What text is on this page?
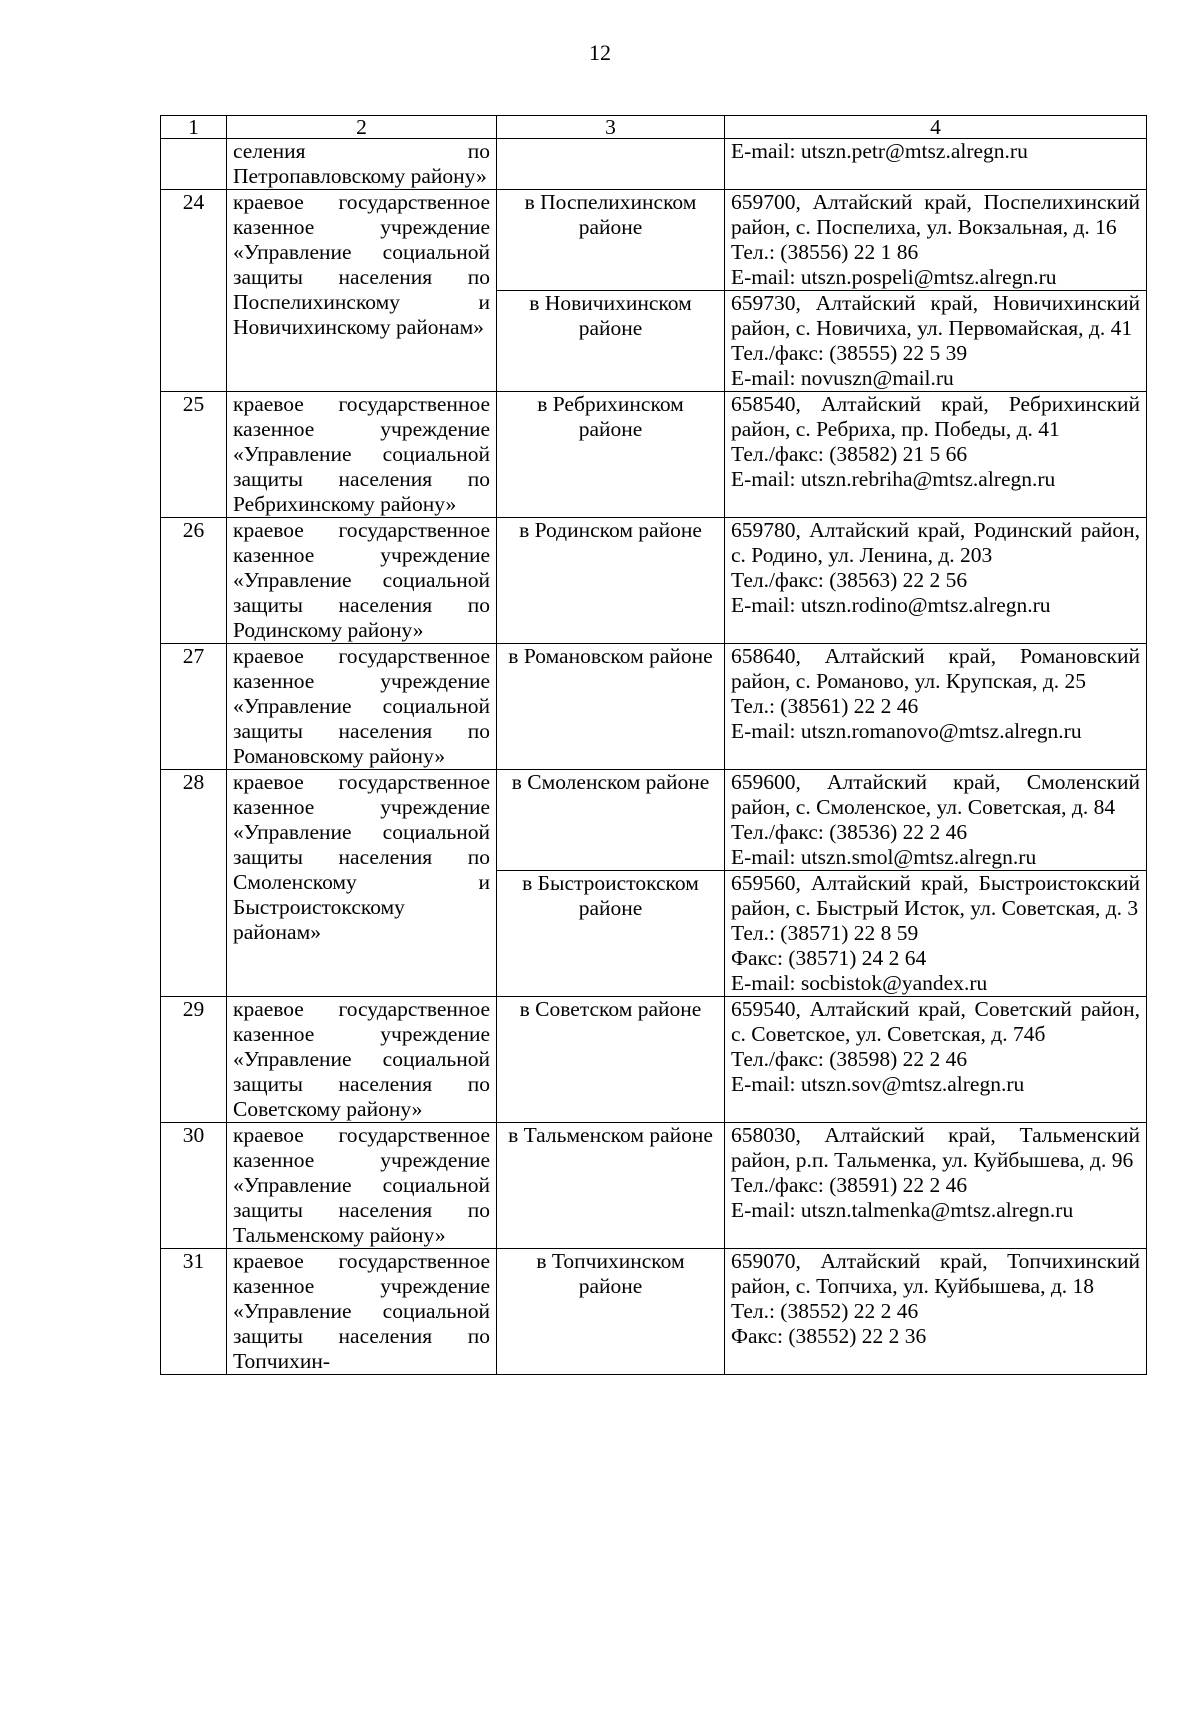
12
1	2	3	4
	селения по Петропавловскому району»		E-mail: utszn.petr@mtsz.alregn.ru

24	краевое государственное казенное учреждение «Управление социальной защиты населения по Поспелихинскому и Новичихинскому районам»	в Поспелихинском районе	659700, Алтайский край, Поспелихинский район, с. Поспелиха, ул. Вокзальная, д. 16
Тел.: (38556) 22 1 86
E-mail: utszn.pospeli@mtsz.alregn.ru

		в Новичихинском районе	659730, Алтайский край, Новичихинский район, с. Новичиха, ул. Первомайская, д. 41
Тел./факс: (38555) 22 5 39
E-mail: novuszn@mail.ru

25	краевое государственное казенное учреждение «Управление социальной защиты населения по Ребрихинскому району»	в Ребрихинском районе	658540, Алтайский край, Ребрихинский район, с. Ребриха, пр. Победы, д. 41
Тел./факс: (38582) 21 5 66
E-mail: utszn.rebriha@mtsz.alregn.ru

26	краевое государственное казенное учреждение «Управление социальной защиты населения по Родинскому району»	в Родинском районе	659780, Алтайский край, Родинский район, с. Родино, ул. Ленина, д. 203
Тел./факс: (38563) 22 2 56
E-mail: utszn.rodino@mtsz.alregn.ru

27	краевое государственное казенное учреждение «Управление социальной защиты населения по Романовскому району»	в Романовском районе	658640, Алтайский край, Романовский район, с. Романово, ул. Крупская, д. 25
Тел.: (38561) 22 2 46
E-mail: utszn.romanovo@mtsz.alregn.ru

28	краевое государственное казенное учреждение «Управление социальной защиты населения по Смоленскому и Быстроистокскому районам»	в Смоленском районе	659600, Алтайский край, Смоленский район, с. Смоленское, ул. Советская, д. 84
Тел./факс: (38536) 22 2 46
E-mail: utszn.smol@mtsz.alregn.ru

		в Быстроистокском районе	659560, Алтайский край, Быстроистокский район, с. Быстрый Исток, ул. Советская, д. 3
Тел.: (38571) 22 8 59
Факс: (38571) 24 2 64
E-mail: socbistok@yandex.ru

29	краевое государственное казенное учреждение «Управление социальной защиты населения по Советскому району»	в Советском районе	659540, Алтайский край, Советский район, с. Советское, ул. Советская, д. 74б
Тел./факс: (38598) 22 2 46
E-mail: utszn.sov@mtsz.alregn.ru

30	краевое государственное казенное учреждение «Управление социальной защиты населения по Тальменскому району»	в Тальменском районе	658030, Алтайский край, Тальменский район, р.п. Тальменка, ул. Куйбышева, д. 96
Тел./факс: (38591) 22 2 46
E-mail: utszn.talmenka@mtsz.alregn.ru

31	краевое государственное казенное учреждение «Управление социальной защиты населения по Топчихин-	в Топчихинском районе	659070, Алтайский край, Топчихинский район, с. Топчиха, ул. Куйбышева, д. 18
Тел.: (38552) 22 2 46
Факс: (38552) 22 2 36
